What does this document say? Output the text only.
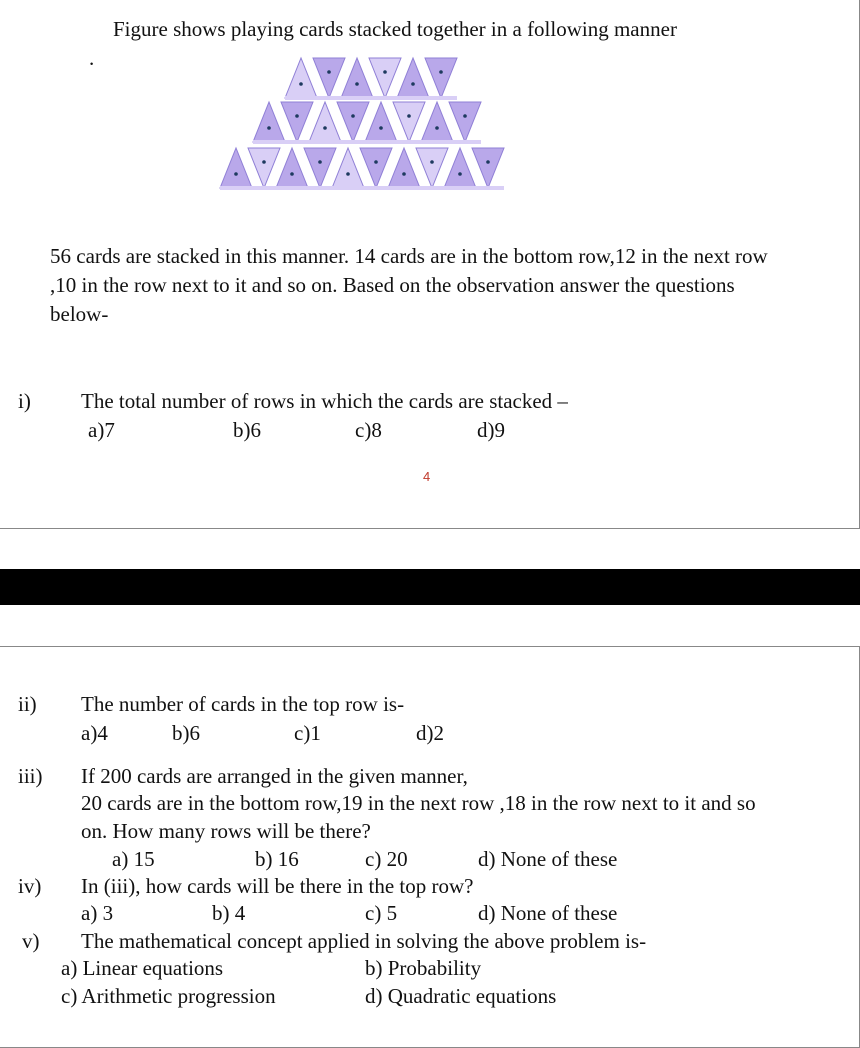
Figure shows playing cards stacked together in a following manner
.
56 cards are stacked in this manner. 14 cards are in the bottom row,12 in the next row
,10 in the row next to it and so on. Based on the observation answer the questions
below-
i) The total number of rows in which the cards are stacked –
a)7	b)6	c)8	d)9
4
ii) The number of cards in the top row is-
a)4	b)6	c)1	d)2
iii) If 200 cards are arranged in the given manner,
20 cards are in the bottom row,19 in the next row ,18 in the row next to it and so
on. How many rows will be there?
a) 15	b) 16	c) 20	d) None of these
iv) In (iii), how cards will be there in the top row?
a) 3	b) 4	c) 5	d) None of these
v) The mathematical concept applied in solving the above problem is-
a) Linear equations	b) Probability
c) Arithmetic progression	d) Quadratic equations
